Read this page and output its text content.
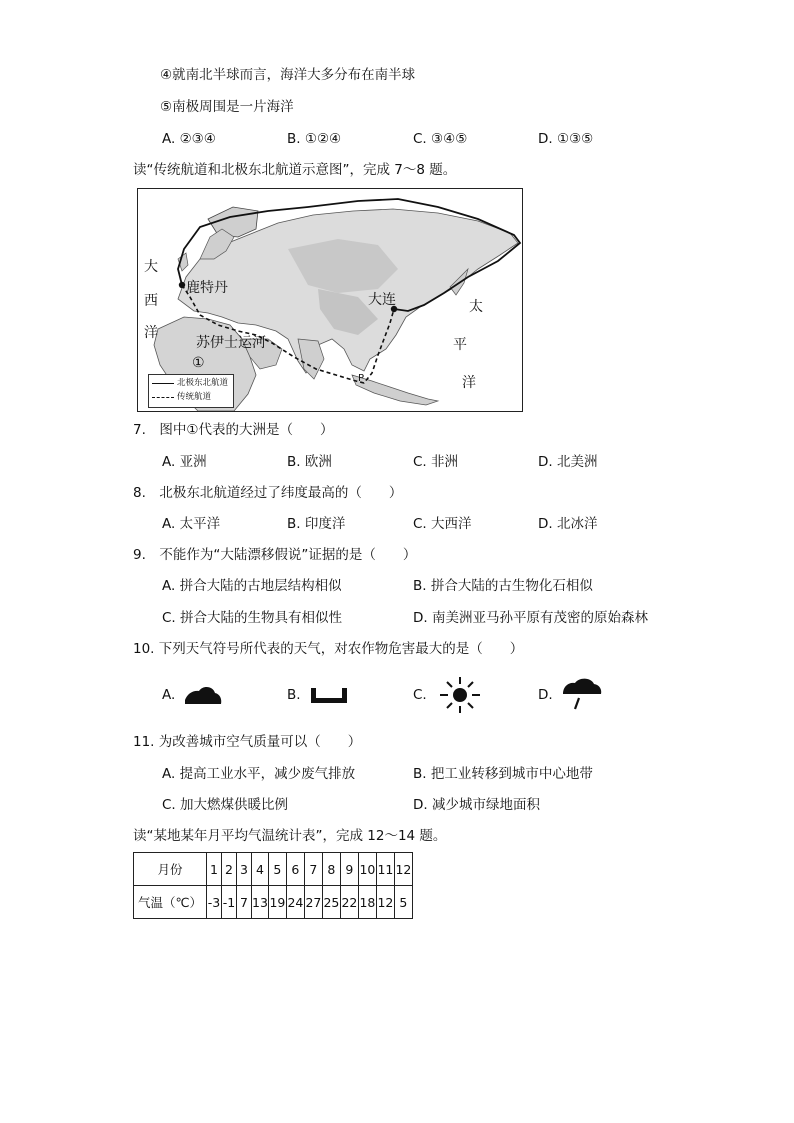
④就南北半球而言，海洋大多分布在南半球
⑤南极周围是一片海洋
A. ②③④	B. ①②④	C. ③④⑤	D. ①③⑤
读“传统航道和北极东北航道示意图”，完成 7～8 题。
鹿特丹
大连
苏伊士运河
①
P
大
西
洋
太
平
洋
北极东北航道
传统航道
7.　图中①代表的大洲是（　　）
A. 亚洲	B. 欧洲	C. 非洲	D. 北美洲
8.　北极东北航道经过了纬度最高的（　　）
A. 太平洋	B. 印度洋	C. 大西洋	D. 北冰洋
9.　不能作为“大陆漂移假说”证据的是（　　）
A. 拼合大陆的古地层结构相似	B. 拼合大陆的古生物化石相似
C. 拼合大陆的生物具有相似性	D. 南美洲亚马孙平原有茂密的原始森林
10. 下列天气符号所代表的天气，对农作物危害最大的是（　　）
A.	B.	C.	D.
11. 为改善城市空气质量可以（　　）
A. 提高工业水平，减少废气排放	B. 把工业转移到城市中心地带
C. 加大燃煤供暖比例	D. 减少城市绿地面积
读“某地某年月平均气温统计表”，完成 12～14 题。
月份	1	2	3	4	5	6	7	8	9	10	11	12
气温（℃）	-3	-1	7	13	19	24	27	25	22	18	12	5
